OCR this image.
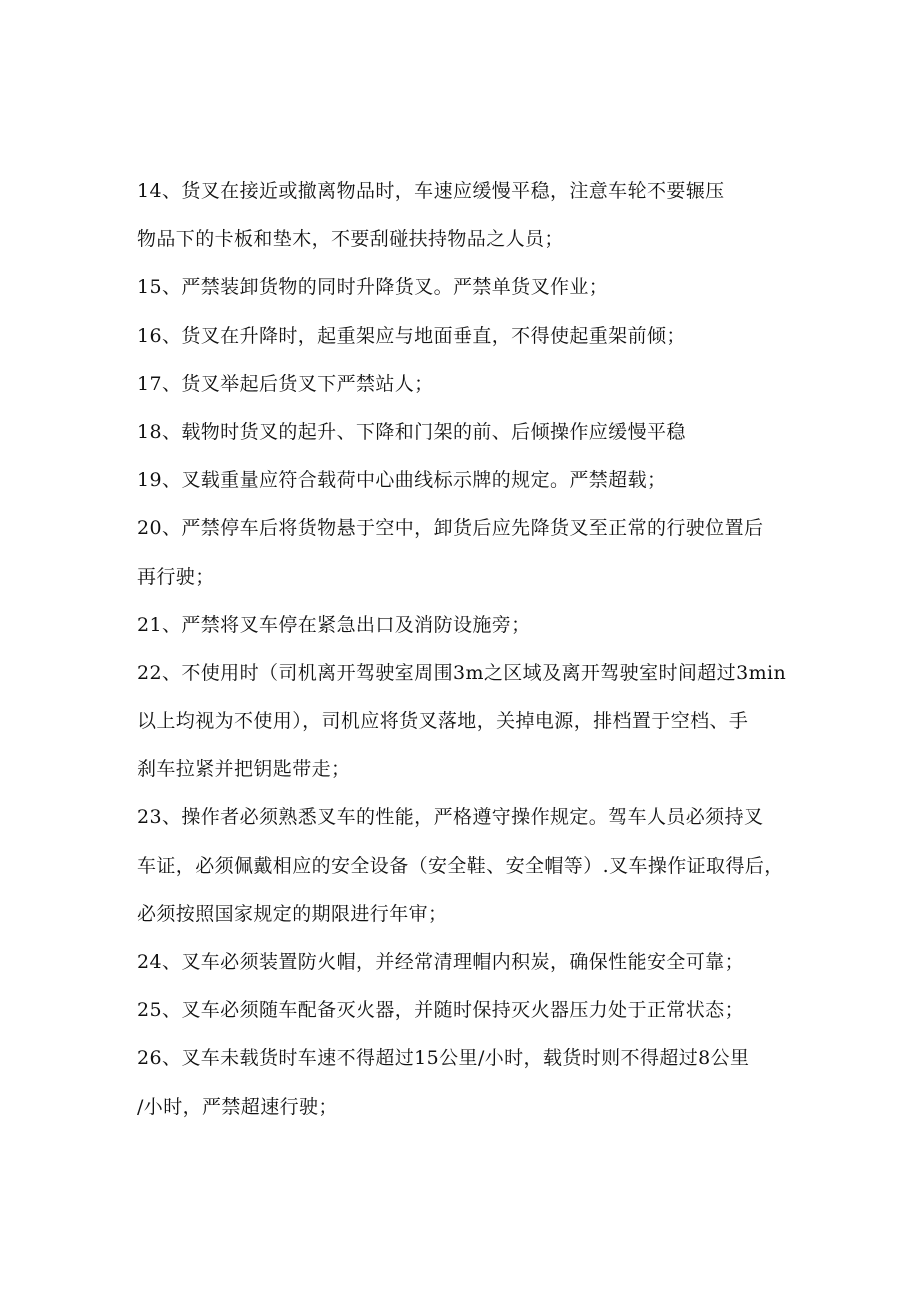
14、货叉在接近或撤离物品时，车速应缓慢平稳，注意车轮不要辗压
物品下的卡板和垫木，不要刮碰扶持物品之人员；
15、严禁装卸货物的同时升降货叉。严禁单货叉作业；
16、货叉在升降时，起重架应与地面垂直，不得使起重架前倾；
17、货叉举起后货叉下严禁站人；
18、载物时货叉的起升、下降和门架的前、后倾操作应缓慢平稳
19、叉载重量应符合载荷中心曲线标示牌的规定。严禁超载；
20、严禁停车后将货物悬于空中，卸货后应先降货叉至正常的行驶位置后
再行驶；
21、严禁将叉车停在紧急出口及消防设施旁；
22、不使用时（司机离开驾驶室周围3m之区域及离开驾驶室时间超过3min
以上均视为不使用），司机应将货叉落地，关掉电源，排档置于空档、手
刹车拉紧并把钥匙带走；
23、操作者必须熟悉叉车的性能，严格遵守操作规定。驾车人员必须持叉
车证，必须佩戴相应的安全设备（安全鞋、安全帽等）.叉车操作证取得后，
必须按照国家规定的期限进行年审；
24、叉车必须装置防火帽，并经常清理帽内积炭，确保性能安全可靠；
25、叉车必须随车配备灭火器，并随时保持灭火器压力处于正常状态；
26、叉车未载货时车速不得超过15公里/小时，载货时则不得超过8公里
/小时，严禁超速行驶；
